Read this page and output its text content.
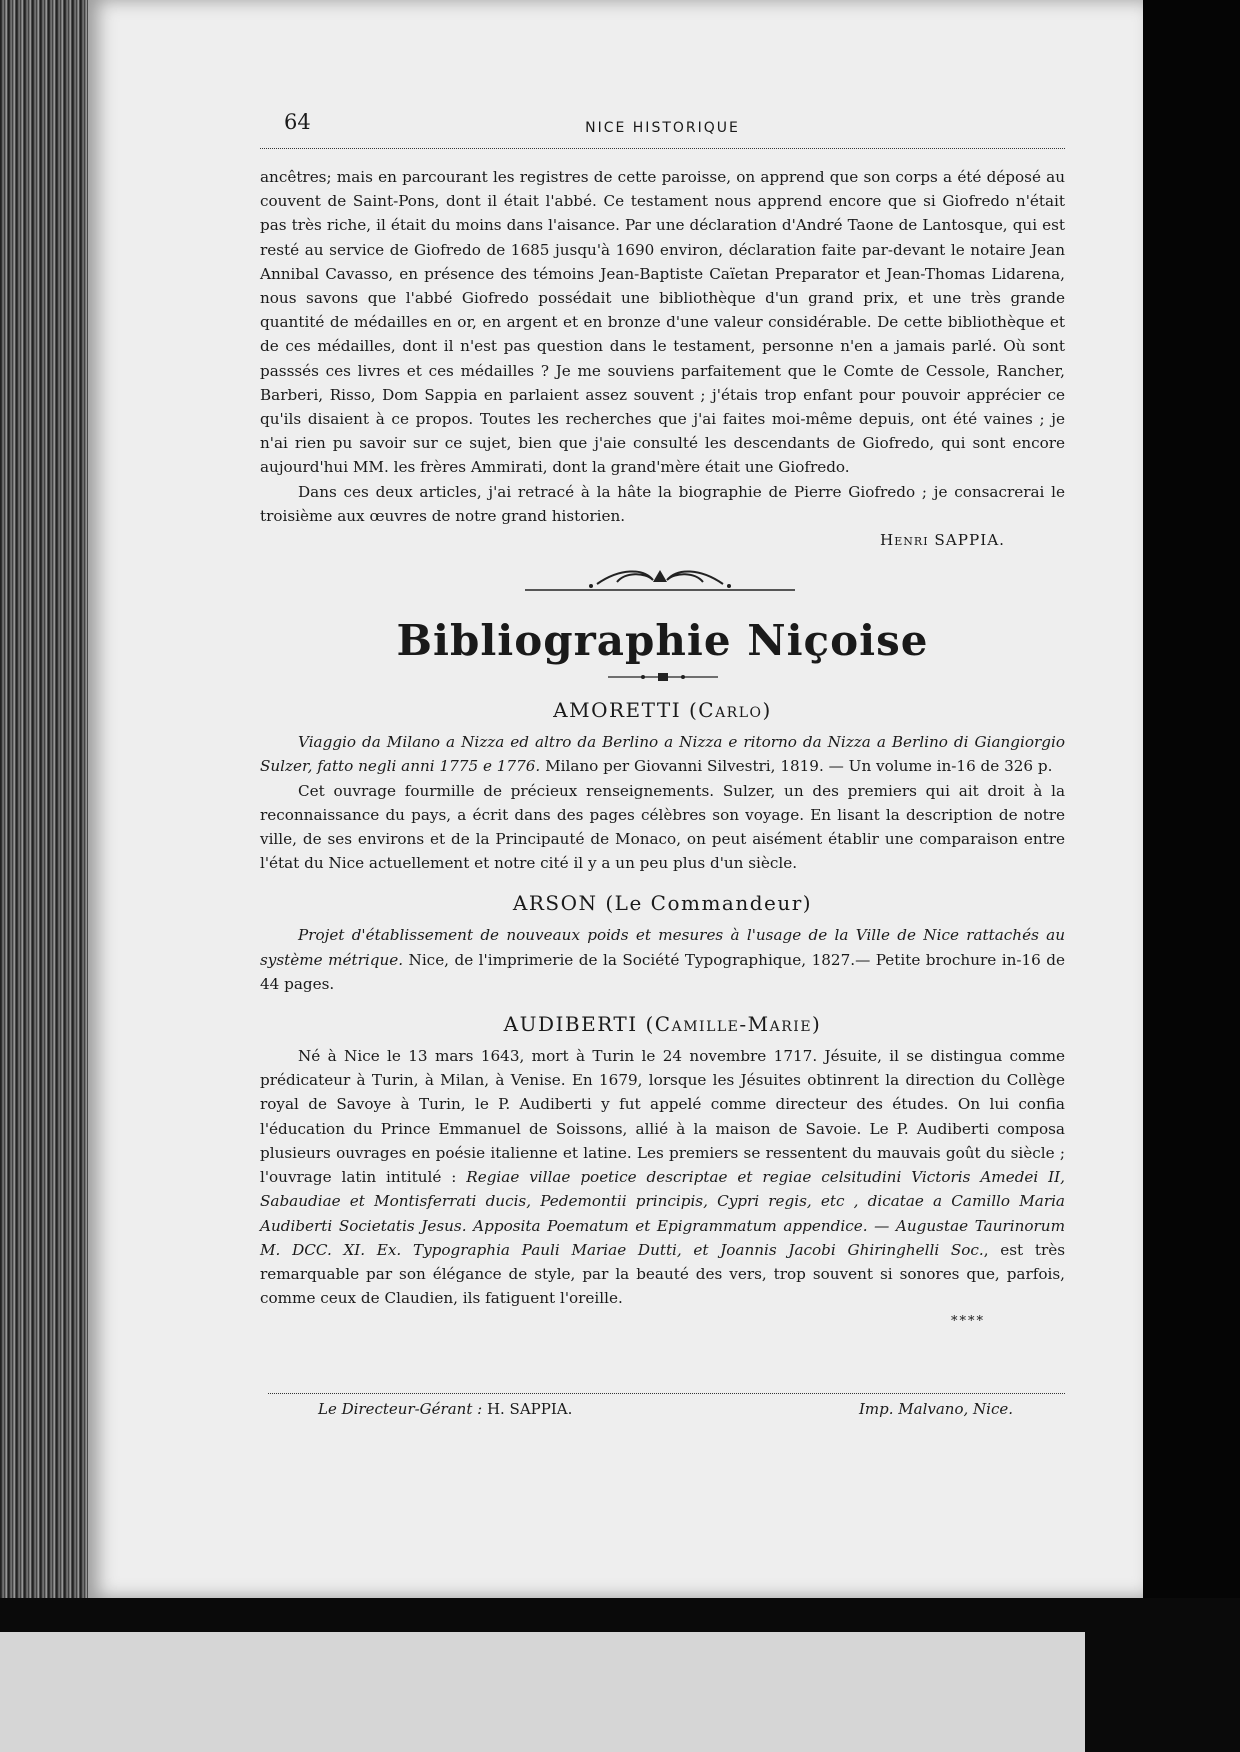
64	NICE HISTORIQUE

ancêtres; mais en parcourant les registres de cette paroisse, on apprend que son corps a été déposé au couvent de Saint-Pons, dont il était l'abbé. Ce testament nous apprend encore que si Giofredo n'était pas très riche, il était du moins dans l'aisance. Par une déclaration d'André Taone de Lantosque, qui est resté au service de Giofredo de 1685 jusqu'à 1690 environ, déclaration faite par-devant le notaire Jean Annibal Cavasso, en présence des témoins Jean-Baptiste Caïetan Preparator et Jean-Thomas Lidarena, nous savons que l'abbé Giofredo possédait une bibliothèque d'un grand prix, et une très grande quantité de médailles en or, en argent et en bronze d'une valeur considérable. De cette bibliothèque et de ces médailles, dont il n'est pas question dans le testament, personne n'en a jamais parlé. Où sont passsés ces livres et ces médailles ? Je me souviens parfaitement que le Comte de Cessole, Rancher, Barberi, Risso, Dom Sappia en parlaient assez souvent ; j'étais trop enfant pour pouvoir apprécier ce qu'ils disaient à ce propos. Toutes les recherches que j'ai faites moi-même depuis, ont été vaines ; je n'ai rien pu savoir sur ce sujet, bien que j'aie consulté les descendants de Giofredo, qui sont encore aujourd'hui MM. les frères Ammirati, dont la grand'mère était une Giofredo.

Dans ces deux articles, j'ai retracé à la hâte la biographie de Pierre Giofredo ; je consacrerai le troisième aux œuvres de notre grand historien.

Henri SAPPIA.

Bibliographie Niçoise
AMORETTI (Carlo)

Viaggio da Milano a Nizza ed altro da Berlino a Nizza e ritorno da Nizza a Berlino di Giangiorgio Sulzer, fatto negli anni 1775 e 1776. Milano per Giovanni Silvestri, 1819. — Un volume in-16 de 326 p.

Cet ouvrage fourmille de précieux renseignements. Sulzer, un des premiers qui ait droit à la reconnaissance du pays, a écrit dans des pages célèbres son voyage. En lisant la description de notre ville, de ses environs et de la Principauté de Monaco, on peut aisément établir une comparaison entre l'état du Nice actuellement et notre cité il y a un peu plus d'un siècle.

ARSON (Le Commandeur)

Projet d'établissement de nouveaux poids et mesures à l'usage de la Ville de Nice rattachés au système métrique. Nice, de l'imprimerie de la Société Typographique, 1827.— Petite brochure in-16 de 44 pages.

AUDIBERTI (Camille-Marie)

Né à Nice le 13 mars 1643, mort à Turin le 24 novembre 1717. Jésuite, il se distingua comme prédicateur à Turin, à Milan, à Venise. En 1679, lorsque les Jésuites obtinrent la direction du Collège royal de Savoye à Turin, le P. Audiberti y fut appelé comme directeur des études. On lui confia l'éducation du Prince Emmanuel de Soissons, allié à la maison de Savoie. Le P. Audiberti composa plusieurs ouvrages en poésie italienne et latine. Les premiers se ressentent du mauvais goût du siècle ; l'ouvrage latin intitulé : Regiae villae poetice descriptae et regiae celsitudini Victoris Amedei II, Sabaudiae et Montisferrati ducis, Pedemontii principis, Cypri regis, etc , dicatae a Camillo Maria Audiberti Societatis Jesus. Apposita Poematum et Epigrammatum appendice. — Augustae Taurinorum M. DCC. XI. Ex. Typographia Pauli Mariae Dutti, et Joannis Jacobi Ghiringhelli Soc., est très remarquable par son élégance de style, par la beauté des vers, trop souvent si sonores que, parfois, comme ceux de Claudien, ils fatiguent l'oreille.

****

Le Directeur-Gérant : H. SAPPIA.	Imp. Malvano, Nice.
